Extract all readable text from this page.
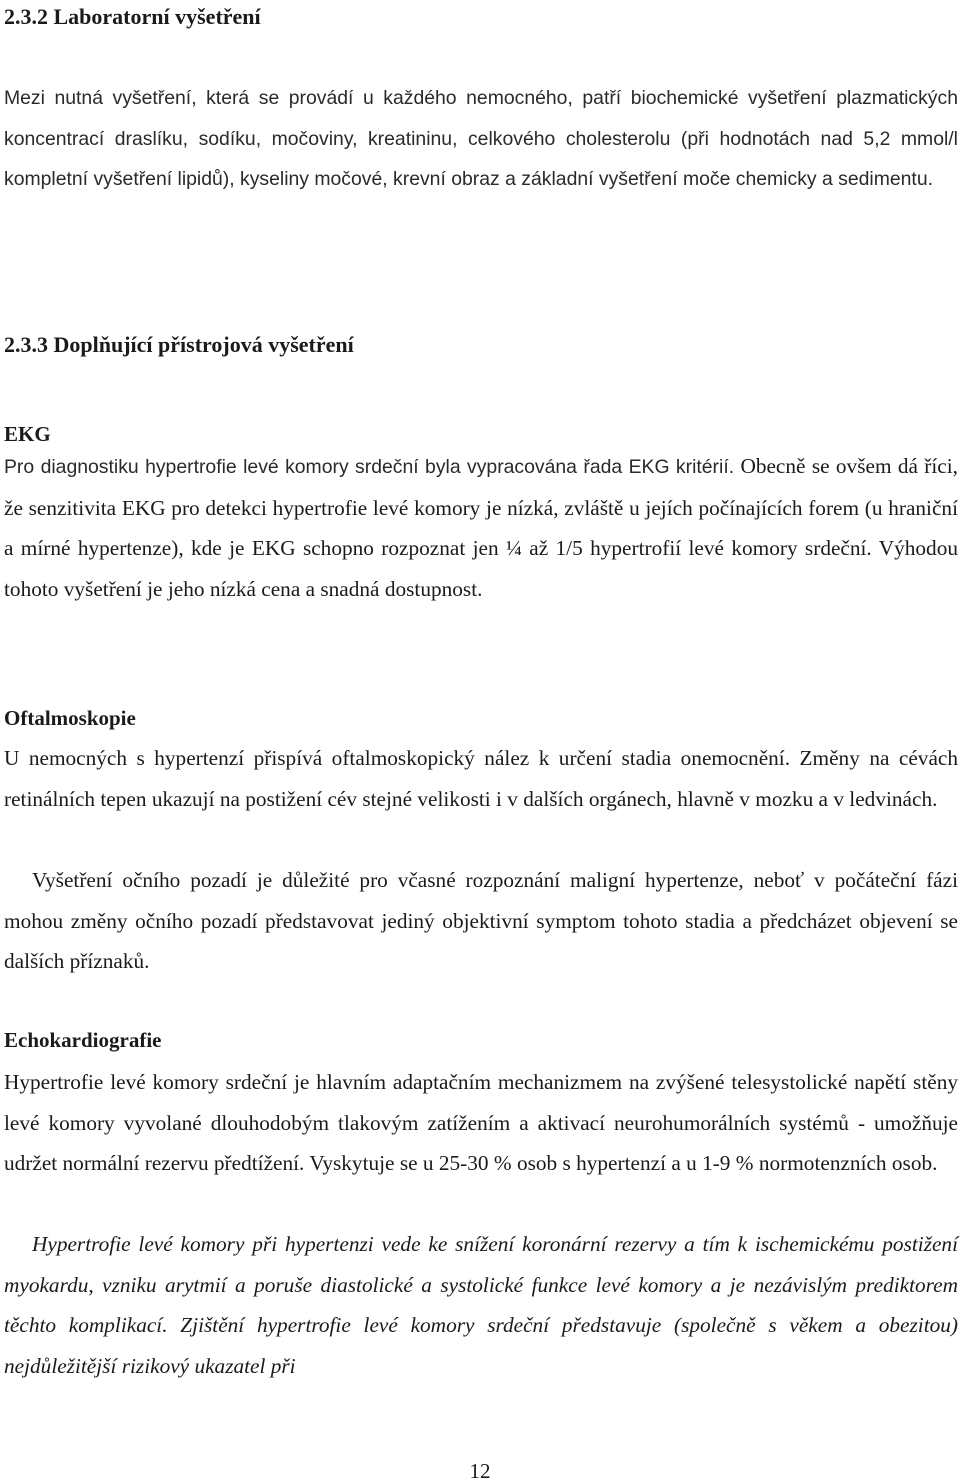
2.3.2 Laboratorní vyšetření

Mezi nutná vyšetření, která se provádí u každého nemocného, patří biochemické vyšetření plazmatických koncentrací draslíku, sodíku, močoviny, kreatininu, celkového cholesterolu (při hodnotách nad 5,2 mmol/l kompletní vyšetření lipidů), kyseliny močové, krevní obraz a základní vyšetření moče chemicky a sedimentu.

2.3.3 Doplňující přístrojová vyšetření
EKG

Pro diagnostiku hypertrofie levé komory srdeční byla vypracována řada EKG kritérií. Obecně se ovšem dá říci, že senzitivita EKG pro detekci hypertrofie levé komory je nízká, zvláště u jejích počínajících forem (u hraniční a mírné hypertenze), kde je EKG schopno rozpoznat jen ¼ až 1/5 hypertrofií levé komory srdeční. Výhodou tohoto vyšetření je jeho nízká cena a snadná dostupnost.

Oftalmoskopie

U nemocných s hypertenzí přispívá oftalmoskopický nález k určení stadia onemocnění. Změny na cévách retinálních tepen ukazují na postižení cév stejné velikosti i v dalších orgánech, hlavně v mozku a v ledvinách.

Vyšetření očního pozadí je důležité pro včasné rozpoznání maligní hypertenze, neboť v počáteční fázi mohou změny očního pozadí představovat jediný objektivní symptom tohoto stadia a předcházet objevení se dalších příznaků.

Echokardiografie

Hypertrofie levé komory srdeční je hlavním adaptačním mechanizmem na zvýšené telesystolické napětí stěny levé komory vyvolané dlouhodobým tlakovým zatížením a aktivací neurohumorálních systémů - umožňuje udržet normální rezervu předtížení. Vyskytuje se u 25-30 % osob s hypertenzí a u 1-9 % normotenzních osob.

Hypertrofie levé komory při hypertenzi vede ke snížení koronární rezervy a tím k ischemickému postižení myokardu, vzniku arytmií a poruše diastolické a systolické funkce levé komory a je nezávislým prediktorem těchto komplikací. Zjištění hypertrofie levé komory srdeční představuje (společně s věkem a obezitou) nejdůležitější rizikový ukazatel při

12
